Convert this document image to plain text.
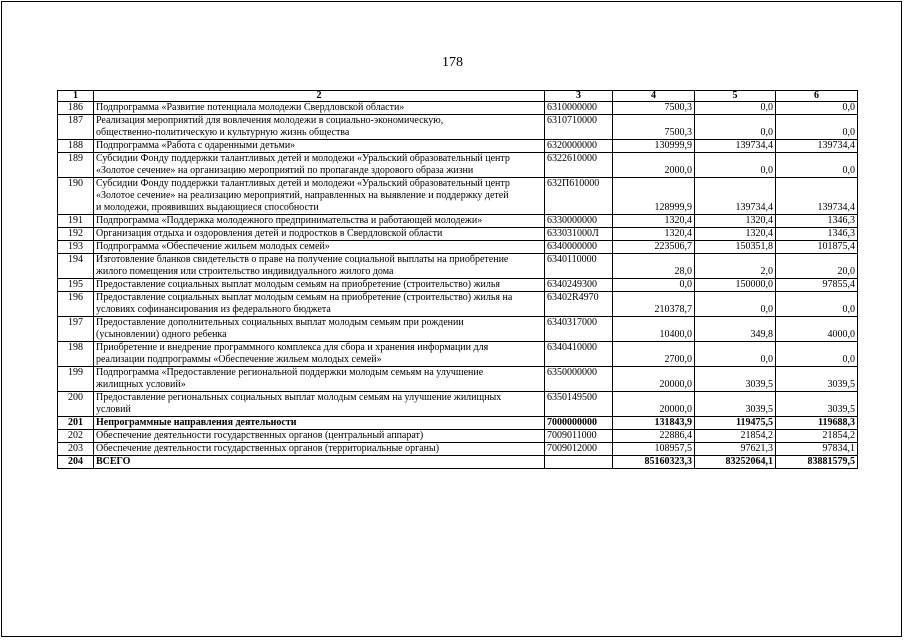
178
1	2	3	4	5	6
186	Подпрограмма «Развитие потенциала молодежи Свердловской области»	6310000000	7500,3	0,0	0,0
187	Реализация мероприятий для вовлечения молодежи в социально-экономическую,
общественно-политическую и культурную жизнь общества	6310710000	7500,3	0,0	0,0
188	Подпрограмма «Работа с одаренными детьми»	6320000000	130999,9	139734,4	139734,4
189	Субсидии Фонду поддержки талантливых детей и молодежи «Уральский образовательный центр
«Золотое сечение» на организацию мероприятий по пропаганде здорового образа жизни	6322610000	2000,0	0,0	0,0
190	Субсидии Фонду поддержки талантливых детей и молодежи «Уральский образовательный центр
«Золотое сечение» на реализацию мероприятий, направленных на выявление и поддержку детей
и молодежи, проявивших выдающиеся способности	632П610000	128999,9	139734,4	139734,4
191	Подпрограмма «Поддержка молодежного предпринимательства и работающей молодежи»	6330000000	1320,4	1320,4	1346,3
192	Организация отдыха и оздоровления детей и подростков в Свердловской области	633031000Л	1320,4	1320,4	1346,3
193	Подпрограмма «Обеспечение жильем молодых семей»	6340000000	223506,7	150351,8	101875,4
194	Изготовление бланков свидетельств о праве на получение социальной выплаты на приобретение
жилого помещения или строительство индивидуального жилого дома	6340110000	28,0	2,0	20,0
195	Предоставление социальных выплат молодым семьям на приобретение (строительство) жилья	6340249300	0,0	150000,0	97855,4
196	Предоставление социальных выплат молодым семьям на приобретение (строительство) жилья на
условиях софинансирования из федерального бюджета	63402R4970	210378,7	0,0	0,0
197	Предоставление дополнительных социальных выплат молодым семьям при рождении
(усыновлении) одного ребенка	6340317000	10400,0	349,8	4000,0
198	Приобретение и внедрение программного комплекса для сбора и хранения информации для
реализации подпрограммы «Обеспечение жильем молодых семей»	6340410000	2700,0	0,0	0,0
199	Подпрограмма «Предоставление региональной поддержки молодым семьям на улучшение
жилищных условий»	6350000000	20000,0	3039,5	3039,5
200	Предоставление региональных социальных выплат молодым семьям на улучшение жилищных
условий	6350149500	20000,0	3039,5	3039,5
201	Непрограммные направления деятельности	7000000000	131843,9	119475,5	119688,3
202	Обеспечение деятельности государственных органов (центральный аппарат)	7009011000	22886,4	21854,2	21854,2
203	Обеспечение деятельности государственных органов (территориальные органы)	7009012000	108957,5	97621,3	97834,1
204	ВСЕГО		85160323,3	83252064,1	83881579,5
